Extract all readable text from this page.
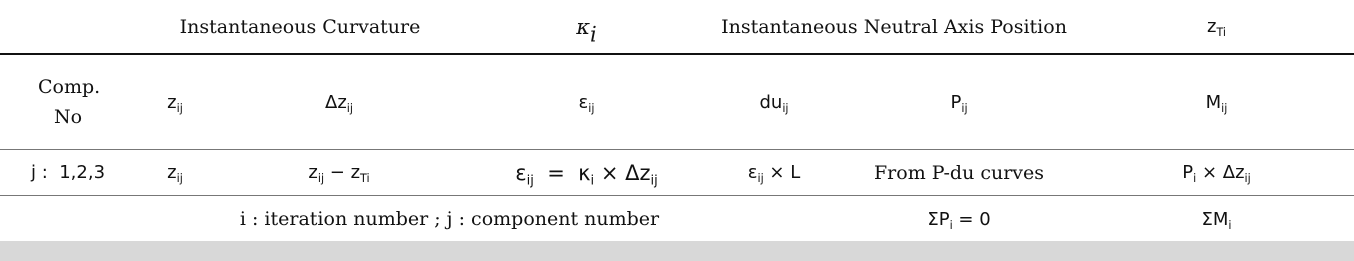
	Instantaneous Curvature		$\kappa_i$	Instantaneous Neutral Axis Position		$z_{Ti}$
Comp. No	$z_{ij}$	$\Delta z_{ij}$	$\varepsilon_{ij}$	$du_{ij}$	$P_{ij}$	$M_{ij}$
j :  1,2,3	$z_{ij}$	$z_{ij} - z_{Ti}$	$\varepsilon_{ij} = \kappa_i \times \Delta z_{ij}$	$\varepsilon_{ij} \times L$	From P-du curves	$P_i \times \Delta z_{ij}$
i : iteration number ; j : component number					$\Sigma P_i = 0$	$\Sigma M_i$
